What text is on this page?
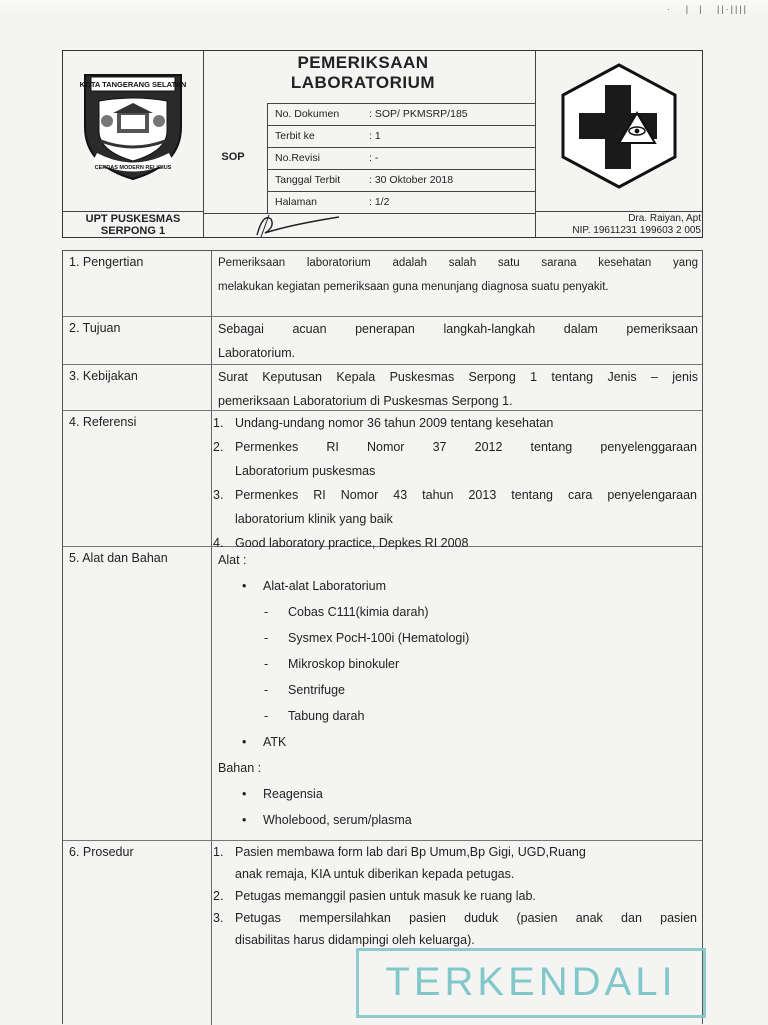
·   |  |   ||·||||
KOTA TANGERANG SELATAN
CERDAS MODERN RELIGIUS
UPT PUSKESMAS
SERPONG 1
PEMERIKSAAN
LABORATORIUM
SOP
No. Dokumen	: SOP/ PKMSRP/185
Terbit ke	: 1
No.Revisi	: -
Tanggal Terbit	: 30 Oktober 2018
Halaman	: 1/2
Dra. Raiyan, Apt
NIP. 19611231 199603 2 005
1. Pengertian	Pemeriksaan laboratorium adalah salah satu sarana kesehatan yang
melakukan kegiatan pemeriksaan guna menunjang diagnosa suatu penyakit.
2. Tujuan	Sebagai acuan penerapan langkah-langkah dalam pemeriksaan
Laboratorium.
3. Kebijakan	Surat Keputusan Kepala Puskesmas Serpong 1 tentang Jenis – jenis
pemeriksaan Laboratorium di Puskesmas Serpong 1.
4. Referensi	1. Undang-undang nomor 36 tahun 2009 tentang kesehatan
2. Permenkes RI Nomor 37 2012 tentang penyelenggaraan
Laboratorium puskesmas
3. Permenkes RI Nomor 43 tahun 2013 tentang cara penyelengaraan
laboratorium klinik yang baik
4. Good laboratory practice, Depkes RI 2008
5. Alat dan Bahan	Alat :
• Alat-alat Laboratorium
- Cobas C111(kimia darah)
- Sysmex PocH-100i (Hematologi)
- Mikroskop binokuler
- Sentrifuge
- Tabung darah
• ATK
Bahan :
• Reagensia
• Wholebood, serum/plasma
6. Prosedur	1. Pasien membawa form lab dari Bp Umum,Bp Gigi, UGD,Ruang
anak remaja, KIA untuk diberikan kepada petugas.
2. Petugas memanggil pasien untuk masuk ke ruang lab.
3. Petugas mempersilahkan pasien duduk (pasien anak dan pasien
disabilitas harus didampingi oleh keluarga).
TERKENDALI
